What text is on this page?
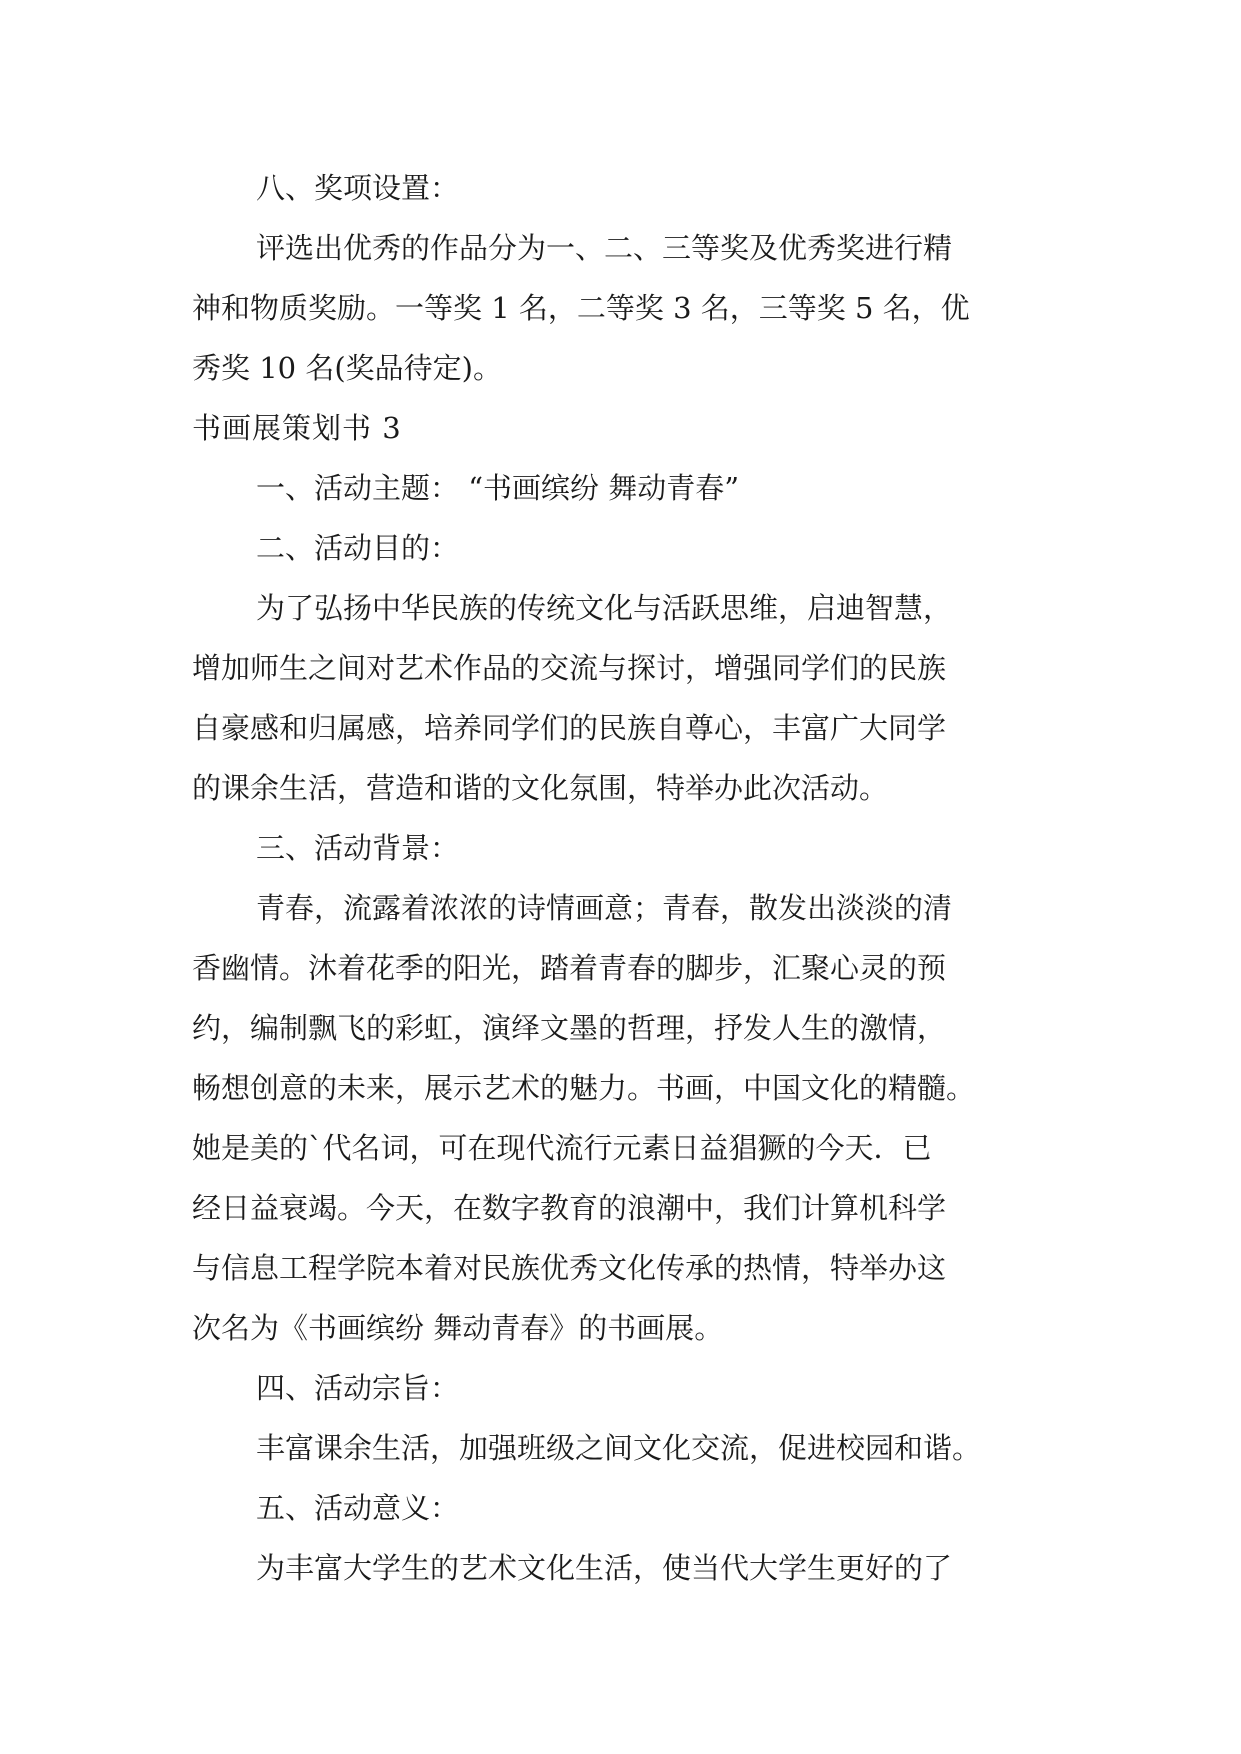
八、奖项设置：

评选出优秀的作品分为一、二、三等奖及优秀奖进行精

神和物质奖励。一等奖 1 名，二等奖 3 名，三等奖 5 名，优

秀奖 10 名(奖品待定)。

书画展策划书 3

一、活动主题： “书画缤纷 舞动青春”

二、活动目的：

为了弘扬中华民族的传统文化与活跃思维，启迪智慧，

增加师生之间对艺术作品的交流与探讨，增强同学们的民族

自豪感和归属感，培养同学们的民族自尊心，丰富广大同学

的课余生活，营造和谐的文化氛围，特举办此次活动。

三、活动背景：

青春，流露着浓浓的诗情画意；青春，散发出淡淡的清

香幽情。沐着花季的阳光，踏着青春的脚步，汇聚心灵的预

约，编制飘飞的彩虹，演绎文墨的哲理，抒发人生的激情，

畅想创意的未来，展示艺术的魅力。书画，中国文化的精髓。

她是美的`代名词，可在现代流行元素日益猖獗的今天．已

经日益衰竭。今天，在数字教育的浪潮中，我们计算机科学

与信息工程学院本着对民族优秀文化传承的热情，特举办这

次名为《书画缤纷 舞动青春》的书画展。

四、活动宗旨：

丰富课余生活，加强班级之间文化交流，促进校园和谐。

五、活动意义：

为丰富大学生的艺术文化生活，使当代大学生更好的了
